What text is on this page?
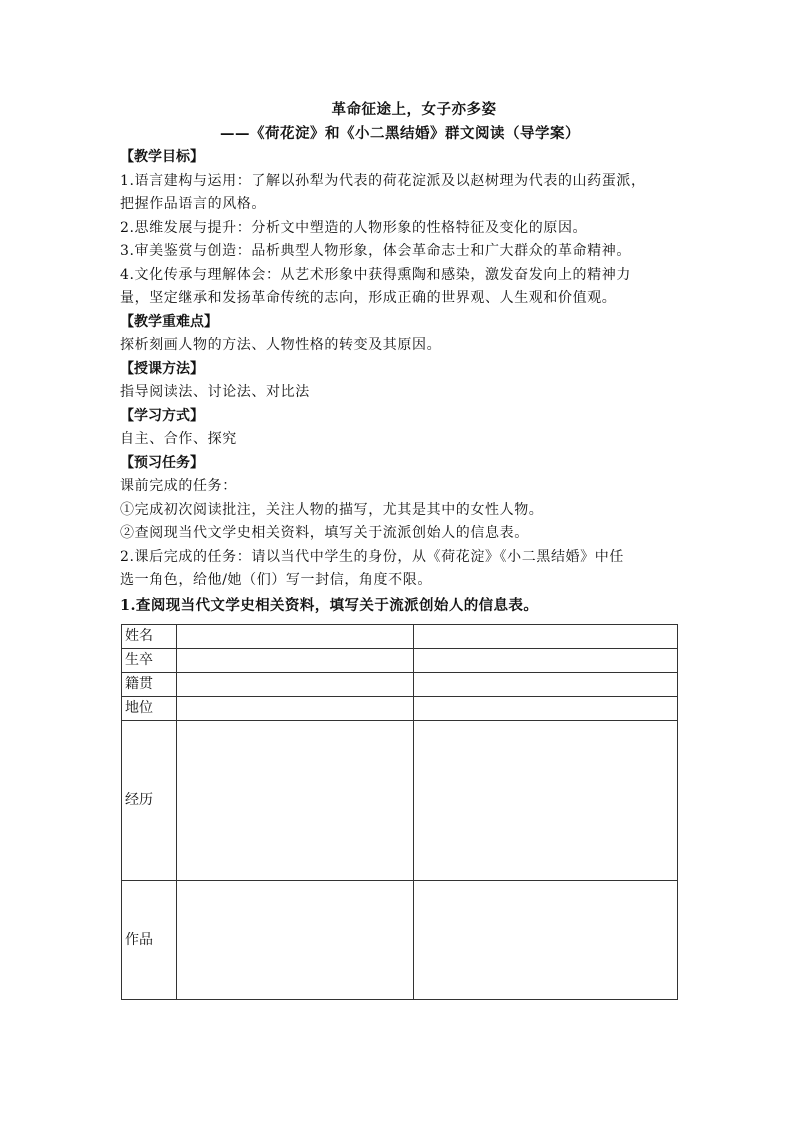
革命征途上，女子亦多姿
——《荷花淀》和《小二黑结婚》群文阅读（导学案）
【教学目标】
1.语言建构与运用：了解以孙犁为代表的荷花淀派及以赵树理为代表的山药蛋派，
把握作品语言的风格。
2.思维发展与提升：分析文中塑造的人物形象的性格特征及变化的原因。
3.审美鉴赏与创造：品析典型人物形象，体会革命志士和广大群众的革命精神。
4.文化传承与理解体会：从艺术形象中获得熏陶和感染，激发奋发向上的精神力
量，坚定继承和发扬革命传统的志向，形成正确的世界观、人生观和价值观。
【教学重难点】
探析刻画人物的方法、人物性格的转变及其原因。
【授课方法】
指导阅读法、讨论法、对比法
【学习方式】
自主、合作、探究
【预习任务】
课前完成的任务：
①完成初次阅读批注，关注人物的描写，尤其是其中的女性人物。
②查阅现当代文学史相关资料，填写关于流派创始人的信息表。
2.课后完成的任务：请以当代中学生的身份，从《荷花淀》《小二黑结婚》中任
选一角色，给他/她（们）写一封信，角度不限。
1.查阅现当代文学史相关资料，填写关于流派创始人的信息表。
姓名		
生卒		
籍贯		
地位		
经历		
作品		
